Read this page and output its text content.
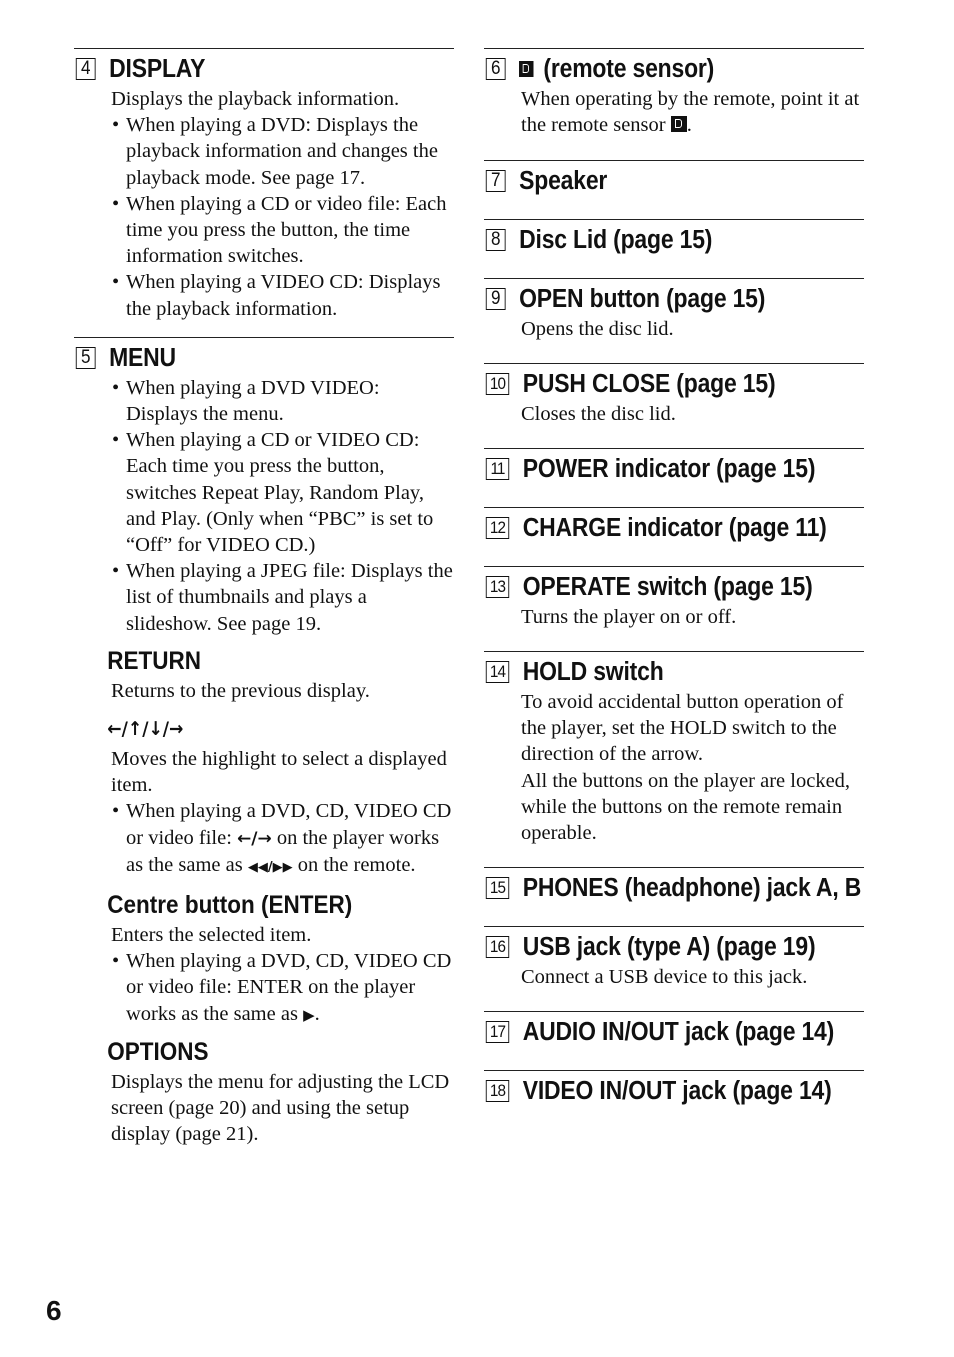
4 DISPLAY

Displays the playback information.

• When playing a DVD: Displays the playback information and changes the playback mode. See page 17.

• When playing a CD or video file: Each time you press the button, the time information switches.

• When playing a VIDEO CD: Displays the playback information.

5 MENU

• When playing a DVD VIDEO: Displays the menu.

• When playing a CD or VIDEO CD: Each time you press the button, switches Repeat Play, Random Play, and Play. (Only when “PBC” is set to “Off” for VIDEO CD.)

• When playing a JPEG file: Displays the list of thumbnails and plays a slideshow. See page 19.

RETURN

Returns to the previous display.

←/↑/↓/→

Moves the highlight to select a displayed item.

• When playing a DVD, CD, VIDEO CD or video file: ←/→ on the player works as the same as ◀◀/▶▶ on the remote.

Centre button (ENTER)

Enters the selected item.

• When playing a DVD, CD, VIDEO CD or video file: ENTER on the player works as the same as ▶.

OPTIONS

Displays the menu for adjusting the LCD screen (page 20) and using the setup display (page 21).

6 (remote sensor)

When operating by the remote, point it at the remote sensor .

7 Speaker
8 Disc Lid (page 15)
9 OPEN button (page 15)

Opens the disc lid.

10 PUSH CLOSE (page 15)

Closes the disc lid.

11 POWER indicator (page 15)
12 CHARGE indicator (page 11)
13 OPERATE switch (page 15)

Turns the player on or off.

14 HOLD switch

To avoid accidental button operation of the player, set the HOLD switch to the direction of the arrow.

All the buttons on the player are locked, while the buttons on the remote remain operable.

15 PHONES (headphone) jack A, B
16 USB jack (type A) (page 19)

Connect a USB device to this jack.

17 AUDIO IN/OUT jack (page 14)
18 VIDEO IN/OUT jack (page 14)
6
